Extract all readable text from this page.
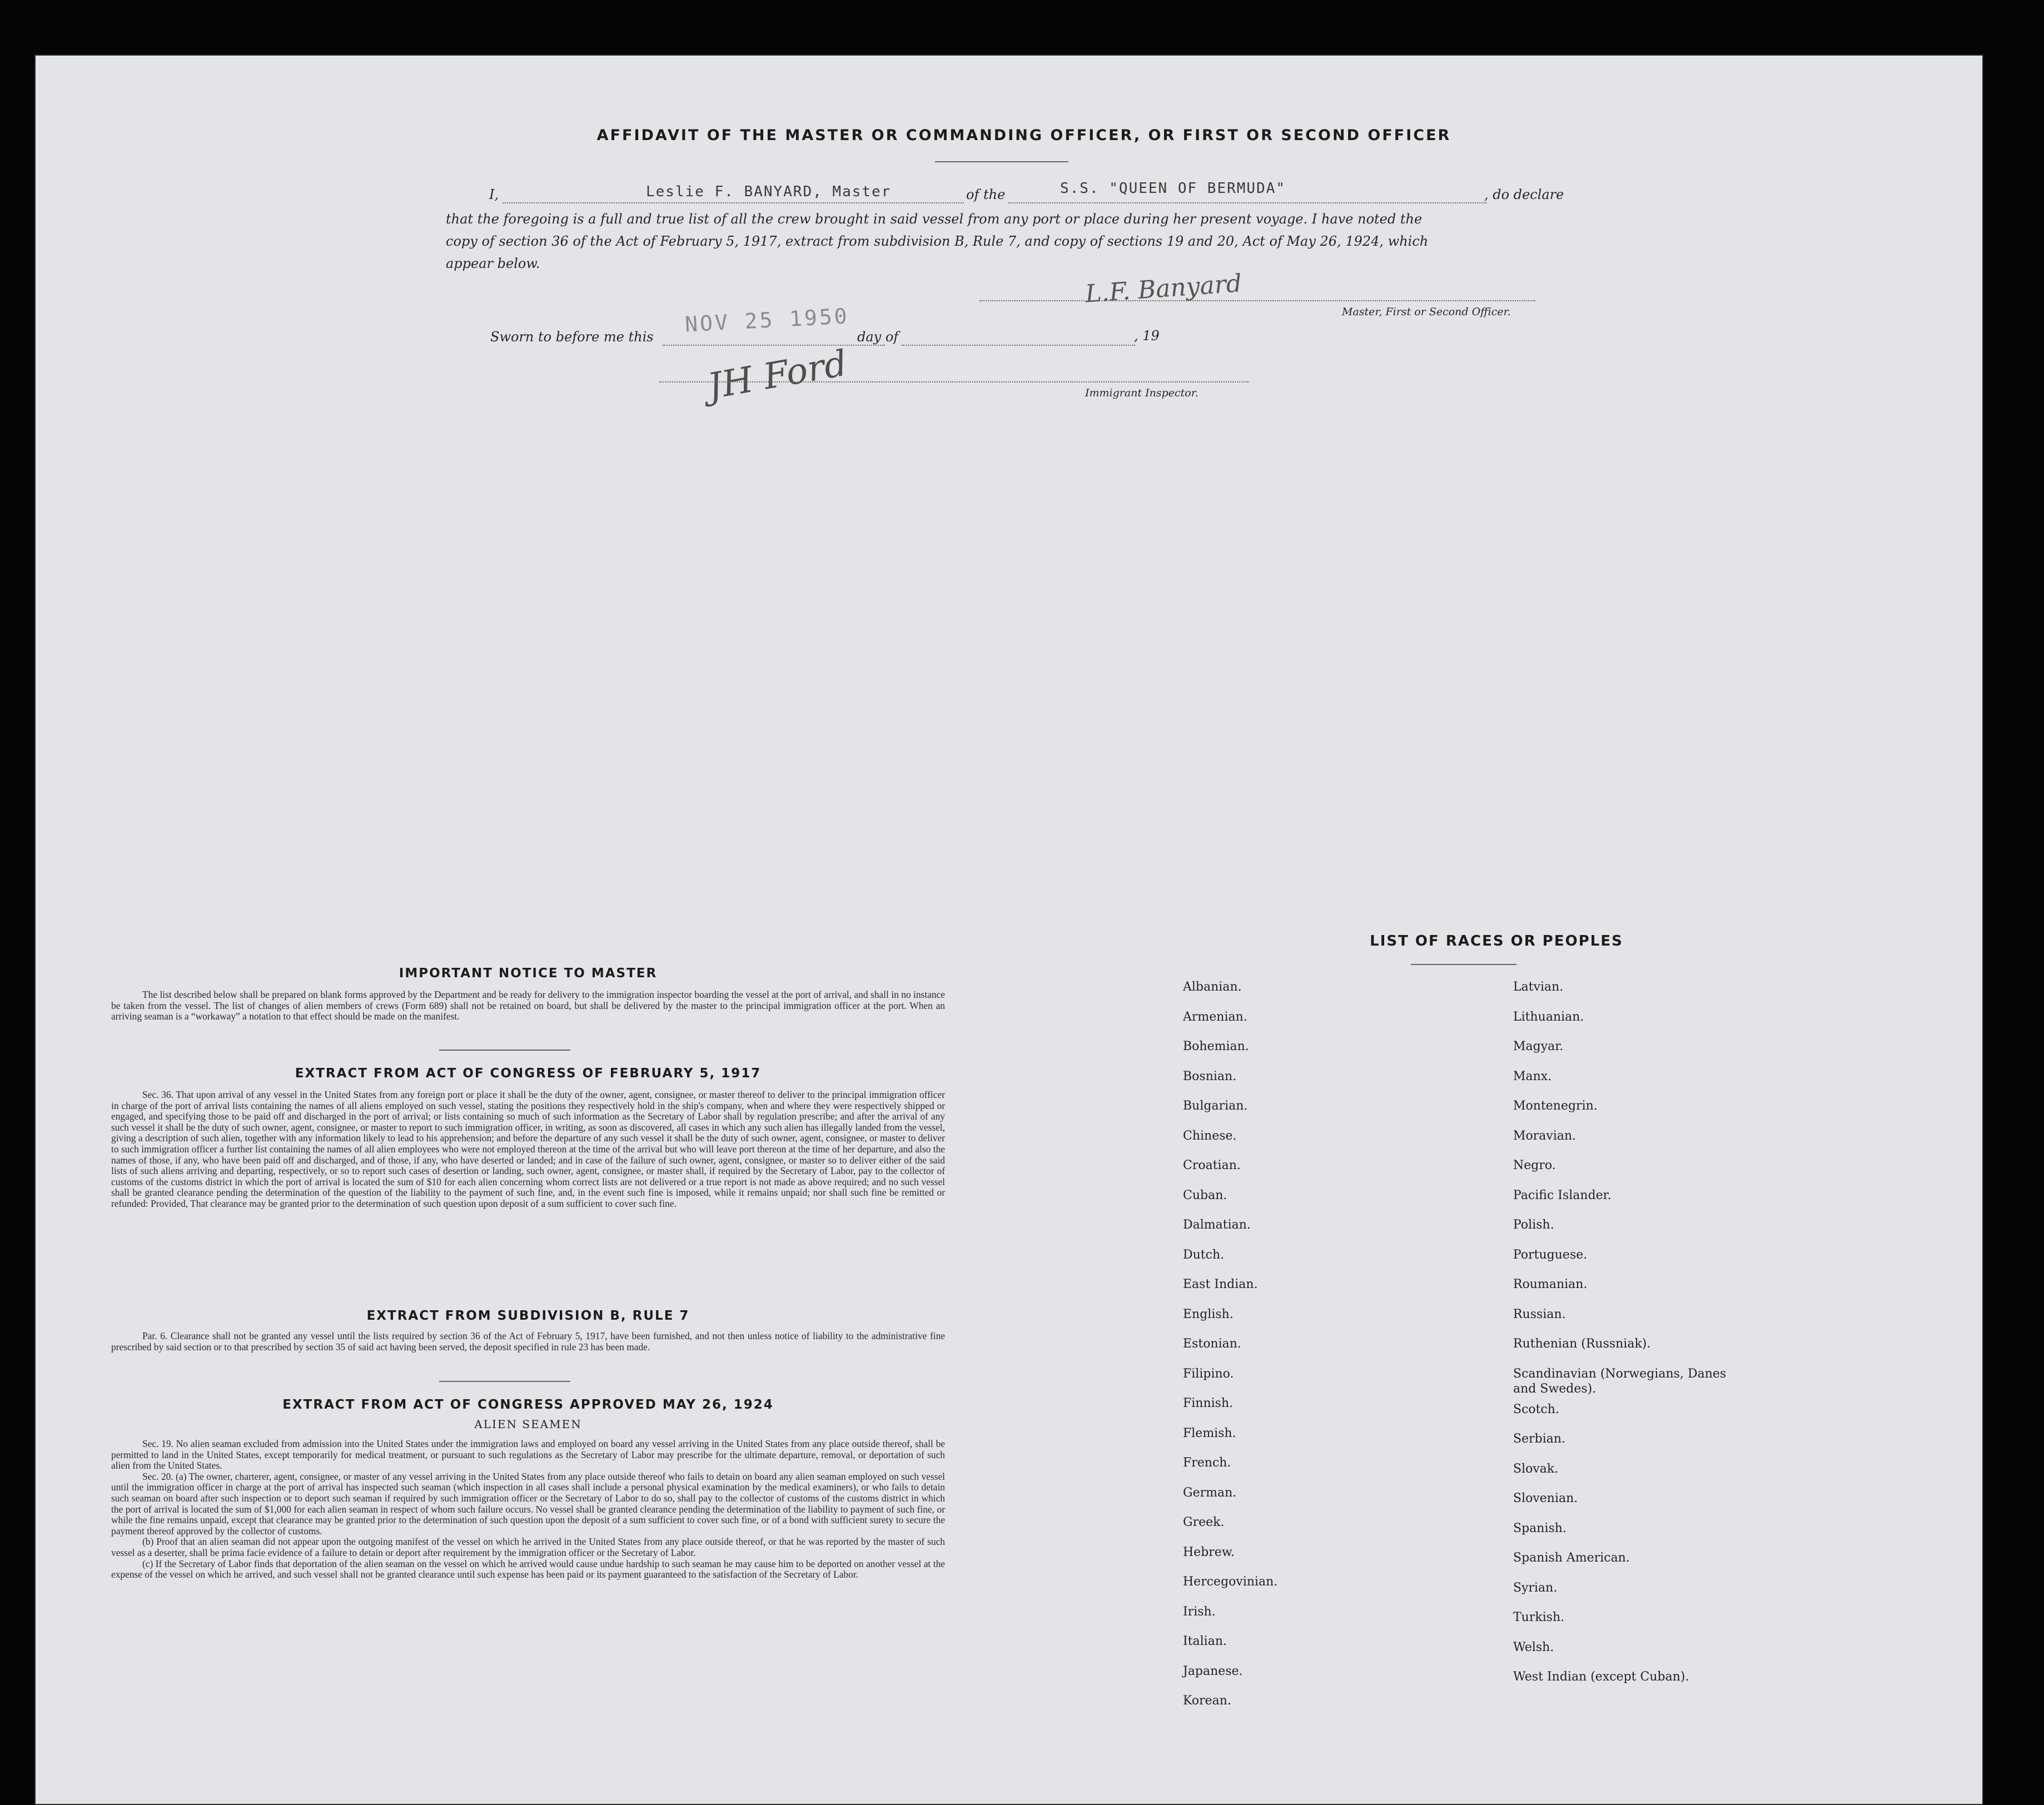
AFFIDAVIT OF THE MASTER OR COMMANDING OFFICER, OR FIRST OR SECOND OFFICER
I,	Leslie F. BANYARD, Master	of the	S.S. "QUEEN OF BERMUDA"	, do declare
that the foregoing is a full and true list of all the crew brought in said vessel from any port or place during her present voyage. I have noted the
copy of section 36 of the Act of February 5, 1917, extract from subdivision B, Rule 7, and copy of sections 19 and 20, Act of May 26, 1924, which
appear below.
L.F. Banyard
Master, First or Second Officer.
Sworn to before me this
NOV 25 1950
day of	, 19
JH Ford	Immigrant Inspector.
IMPORTANT NOTICE TO MASTER

The list described below shall be prepared on blank forms approved by the Department and be ready for delivery to the immigration inspector boarding the vessel at the port of arrival, and shall in no instance be taken from the vessel. The list of changes of alien members of crews (Form 689) shall not be retained on board, but shall be delivered by the master to the principal immigration officer at the port. When an arriving seaman is a “workaway” a notation to that effect should be made on the manifest.

EXTRACT FROM ACT OF CONGRESS OF FEBRUARY 5, 1917

Sec. 36. That upon arrival of any vessel in the United States from any foreign port or place it shall be the duty of the owner, agent, consignee, or master thereof to deliver to the principal immigration officer in charge of the port of arrival lists containing the names of all aliens employed on such vessel, stating the positions they respectively hold in the ship's company, when and where they were respectively shipped or engaged, and specifying those to be paid off and discharged in the port of arrival; or lists containing so much of such information as the Secretary of Labor shall by regulation prescribe; and after the arrival of any such vessel it shall be the duty of such owner, agent, consignee, or master to report to such immigration officer, in writing, as soon as discovered, all cases in which any such alien has illegally landed from the vessel, giving a description of such alien, together with any information likely to lead to his apprehension; and before the departure of any such vessel it shall be the duty of such owner, agent, consignee, or master to deliver to such immigration officer a further list containing the names of all alien employees who were not employed thereon at the time of the arrival but who will leave port thereon at the time of her departure, and also the names of those, if any, who have been paid off and discharged, and of those, if any, who have deserted or landed; and in case of the failure of such owner, agent, consignee, or master so to deliver either of the said lists of such aliens arriving and departing, respectively, or so to report such cases of desertion or landing, such owner, agent, consignee, or master shall, if required by the Secretary of Labor, pay to the collector of customs of the customs district in which the port of arrival is located the sum of $10 for each alien concerning whom correct lists are not delivered or a true report is not made as above required; and no such vessel shall be granted clearance pending the determination of the question of the liability to the payment of such fine, and, in the event such fine is imposed, while it remains unpaid; nor shall such fine be remitted or refunded: Provided, That clearance may be granted prior to the determination of such question upon deposit of a sum sufficient to cover such fine.

EXTRACT FROM SUBDIVISION B, RULE 7

Par. 6. Clearance shall not be granted any vessel until the lists required by section 36 of the Act of February 5, 1917, have been furnished, and not then unless notice of liability to the administrative fine prescribed by said section or to that prescribed by section 35 of said act having been served, the deposit specified in rule 23 has been made.

EXTRACT FROM ACT OF CONGRESS APPROVED MAY 26, 1924
ALIEN SEAMEN

Sec. 19. No alien seaman excluded from admission into the United States under the immigration laws and employed on board any vessel arriving in the United States from any place outside thereof, shall be permitted to land in the United States, except temporarily for medical treatment, or pursuant to such regulations as the Secretary of Labor may prescribe for the ultimate departure, removal, or deportation of such alien from the United States.

Sec. 20. (a) The owner, charterer, agent, consignee, or master of any vessel arriving in the United States from any place outside thereof who fails to detain on board any alien seaman employed on such vessel until the immigration officer in charge at the port of arrival has inspected such seaman (which inspection in all cases shall include a personal physical examination by the medical examiners), or who fails to detain such seaman on board after such inspection or to deport such seaman if required by such immigration officer or the Secretary of Labor to do so, shall pay to the collector of customs of the customs district in which the port of arrival is located the sum of $1,000 for each alien seaman in respect of whom such failure occurs. No vessel shall be granted clearance pending the determination of the liability to payment of such fine, or while the fine remains unpaid, except that clearance may be granted prior to the determination of such question upon the deposit of a sum sufficient to cover such fine, or of a bond with sufficient surety to secure the payment thereof approved by the collector of customs.

(b) Proof that an alien seaman did not appear upon the outgoing manifest of the vessel on which he arrived in the United States from any place outside thereof, or that he was reported by the master of such vessel as a deserter, shall be prima facie evidence of a failure to detain or deport after requirement by the immigration officer or the Secretary of Labor.

(c) If the Secretary of Labor finds that deportation of the alien seaman on the vessel on which he arrived would cause undue hardship to such seaman he may cause him to be deported on another vessel at the expense of the vessel on which he arrived, and such vessel shall not be granted clearance until such expense has been paid or its payment guaranteed to the satisfaction of the Secretary of Labor.

LIST OF RACES OR PEOPLES
Albanian.
Armenian.
Bohemian.
Bosnian.
Bulgarian.
Chinese.
Croatian.
Cuban.
Dalmatian.
Dutch.
East Indian.
English.
Estonian.
Filipino.
Finnish.
Flemish.
French.
German.
Greek.
Hebrew.
Hercegovinian.
Irish.
Italian.
Japanese.
Korean.
Latvian.
Lithuanian.
Magyar.
Manx.
Montenegrin.
Moravian.
Negro.
Pacific Islander.
Polish.
Portuguese.
Roumanian.
Russian.
Ruthenian (Russniak).
Scandinavian (Norwegians, Danes and Swedes).
Scotch.
Serbian.
Slovak.
Slovenian.
Spanish.
Spanish American.
Syrian.
Turkish.
Welsh.
West Indian (except Cuban).
